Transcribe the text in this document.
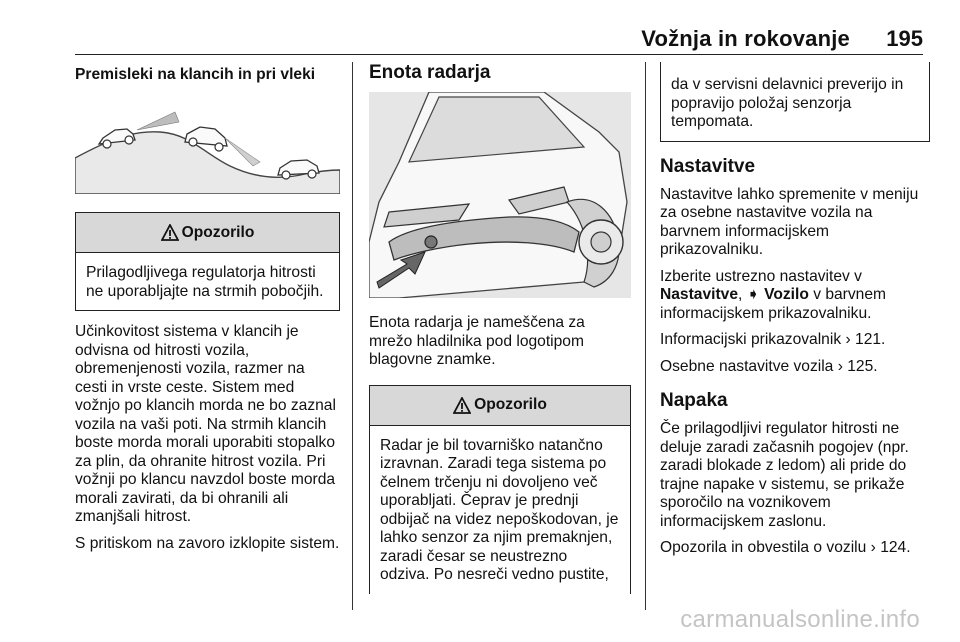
Vožnja in rokovanje 195
Premisleki na klancih in pri vleki
Opozorilo
Prilagodljivega regulatorja hitrosti ne uporabljajte na strmih pobočjih.

Učinkovitost sistema v klancih je odvisna od hitrosti vozila, obremenjenosti vozila, razmer na cesti in vrste ceste. Sistem med vožnjo po klancih morda ne bo zaznal vozila na vaši poti. Na strmih klancih boste morda morali uporabiti stopalko za plin, da ohranite hitrost vozila. Pri vožnji po klancu navzdol boste morda morali zavirati, da bi ohranili ali zmanjšali hitrost.

S pritiskom na zavoro izklopite sistem.

Enota radarja

Enota radarja je nameščena za mrežo hladilnika pod logotipom blagovne znamke.

Opozorilo
Radar je bil tovarniško natančno izravnan. Zaradi tega sistema po čelnem trčenju ni dovoljeno več uporabljati. Čeprav je prednji odbijač na videz nepoškodovan, je lahko senzor za njim premaknjen, zaradi česar se neustrezno odziva. Po nesreči vedno pustite,
da v servisni delavnici preverijo in popravijo položaj senzorja tempomata.
Nastavitve

Nastavitve lahko spremenite v meniju za osebne nastavitve vozila na barvnem informacijskem prikazovalniku.

Izberite ustrezno nastavitev v Nastavitve, ➧ Vozilo v barvnem informacijskem prikazovalniku.

Informacijski prikazovalnik › 121.

Osebne nastavitve vozila › 125.

Napaka

Če prilagodljivi regulator hitrosti ne deluje zaradi začasnih pogojev (npr. zaradi blokade z ledom) ali pride do trajne napake v sistemu, se prikaže sporočilo na voznikovem informacijskem zaslonu.

Opozorila in obvestila o vozilu › 124.

carmanualsonline.info
